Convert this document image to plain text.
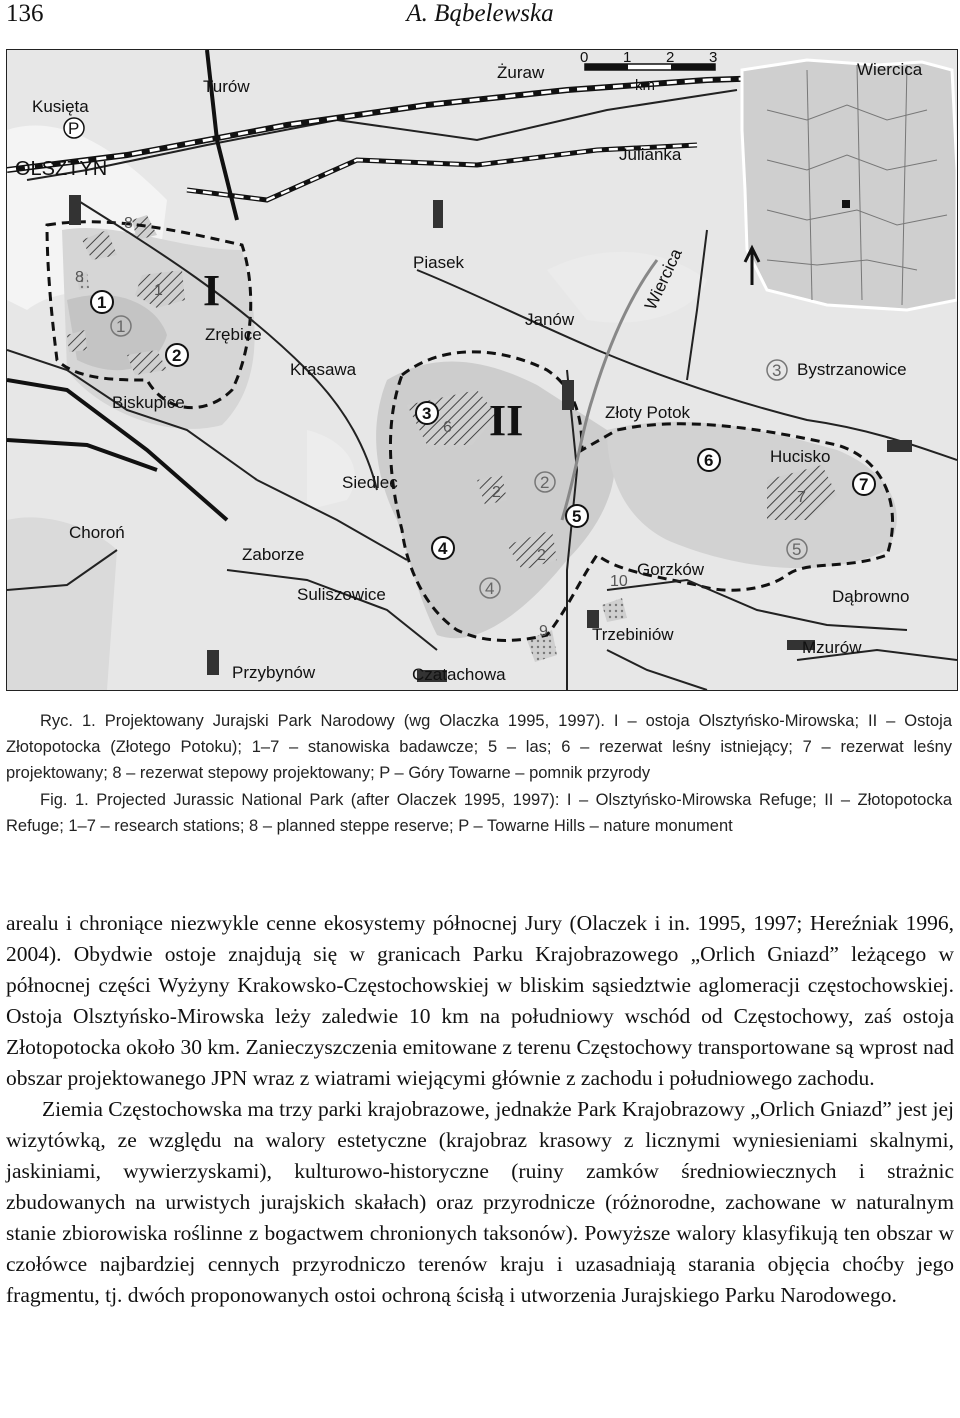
136	A. Bąbelewska
0 1 2 3
km
Kusięta
OLSZTYN
Turów
Żuraw
Julianka
Wiercica
Piasek	Wiercica
Janów
Zrębice
Krasawa
Biskupice
Bystrzanowice
Złoty Potok
Hucisko
Siedlec
Choroń
Zaborze
Suliszowice
Gorzków
Dąbrowno
Trzebiniów
Przybynów	Czatachowa
Mzurów
I
II
P
1
2
3
4
5
6
7
1
2
3
4
5
1
2
2
6
7
8
8
9
10
Ryc. 1. Projektowany Jurajski Park Narodowy (wg Olaczka 1995, 1997). I – ostoja Olsztyńsko-Mirowska; II – Ostoja Złotopotocka (Złotego Potoku); 1–7 – stanowiska badawcze; 5 – las; 6 – rezerwat leśny istniejący; 7 – rezerwat leśny projektowany; 8 – rezerwat stepowy projektowany; P – Góry Towarne – pomnik przyrody
Fig. 1. Projected Jurassic National Park (after Olaczek 1995, 1997): I – Olsztyńsko-Mirowska Refuge; II – Złotopotocka Refuge; 1–7 – research stations; 8 – planned steppe reserve; P – Towarne Hills – nature monument

arealu i chroniące niezwykle cenne ekosystemy północnej Jury (Olaczek i in. 1995, 1997; Hereźniak 1996, 2004). Obydwie ostoje znajdują się w granicach Parku Krajobrazowego „Orlich Gniazd” leżącego w północnej części Wyżyny Krakowsko-Częstochowskiej w bliskim sąsiedztwie aglomeracji częstochowskiej. Ostoja Olsztyńsko-Mirowska leży zaledwie 10 km na południowy wschód od Częstochowy, zaś ostoja Złotopotocka około 30 km. Zanieczyszczenia emitowane z terenu Częstochowy transportowane są wprost nad obszar projektowanego JPN wraz z wiatrami wiejącymi głównie z zachodu i południowego zachodu.

Ziemia Częstochowska ma trzy parki krajobrazowe, jednakże Park Krajobrazowy „Orlich Gniazd” jest jej wizytówką, ze względu na walory estetyczne (krajobraz krasowy z licznymi wyniesieniami skalnymi, jaskiniami, wywierzyskami), kulturowo-historyczne (ruiny zamków średniowiecznych i strażnic zbudowanych na urwistych jurajskich skałach) oraz przyrodnicze (różnorodne, zachowane w naturalnym stanie zbiorowiska roślinne z bogactwem chronionych taksonów). Powyższe walory klasyfikują ten obszar w czołówce najbardziej cennych przyrodniczo terenów kraju i uzasadniają starania objęcia choćby jego fragmentu, tj. dwóch proponowanych ostoi ochroną ścisłą i utworzenia Jurajskiego Parku Narodowego.
